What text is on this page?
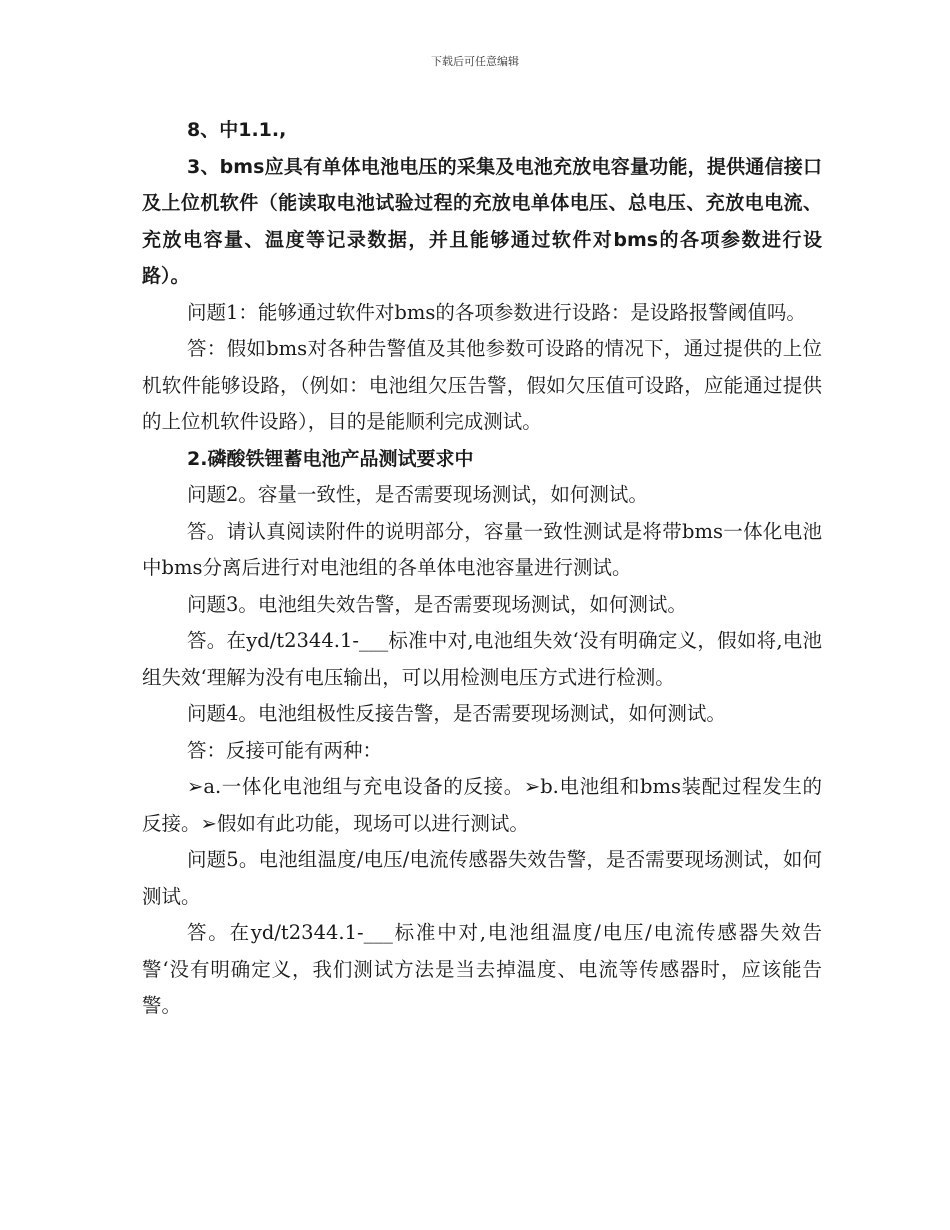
下载后可任意编辑

8、中1.1.,

3、bms应具有单体电池电压的采集及电池充放电容量功能，提供通信接口及上位机软件（能读取电池试验过程的充放电单体电压、总电压、充放电电流、充放电容量、温度等记录数据，并且能够通过软件对bms的各项参数进行设路）。

问题1：能够通过软件对bms的各项参数进行设路：是设路报警阈值吗。

答：假如bms对各种告警值及其他参数可设路的情况下，通过提供的上位机软件能够设路，（例如：电池组欠压告警，假如欠压值可设路，应能通过提供的上位机软件设路），目的是能顺利完成测试。

2.磷酸铁锂蓄电池产品测试要求中

问题2。容量一致性，是否需要现场测试，如何测试。

答。请认真阅读附件的说明部分，容量一致性测试是将带bms一体化电池中bms分离后进行对电池组的各单体电池容量进行测试。

问题3。电池组失效告警，是否需要现场测试，如何测试。

答。在yd/t2344.1-___标准中对,电池组失效‘没有明确定义，假如将,电池组失效‘理解为没有电压输出，可以用检测电压方式进行检测。

问题4。电池组极性反接告警，是否需要现场测试，如何测试。

答：反接可能有两种：

➢a.一体化电池组与充电设备的反接。➢b.电池组和bms装配过程发生的反接。➢假如有此功能，现场可以进行测试。

问题5。电池组温度/电压/电流传感器失效告警，是否需要现场测试，如何测试。

答。在yd/t2344.1-___标准中对,电池组温度/电压/电流传感器失效告警‘没有明确定义，我们测试方法是当去掉温度、电流等传感器时，应该能告警。
